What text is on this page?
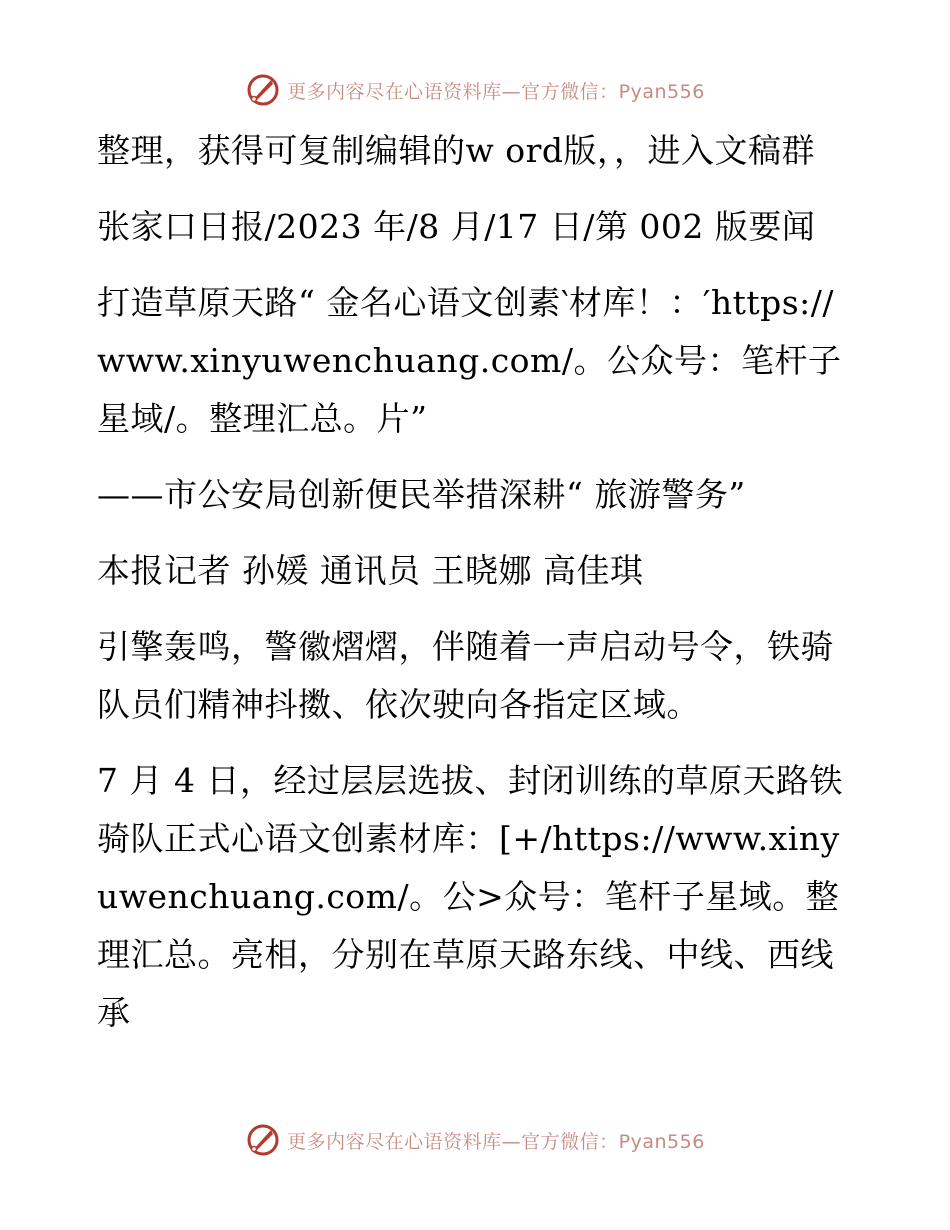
更多内容尽在心语资料库—官方微信：Pyan556

整理，获得可复制编辑的w ord版，，进入文稿群

张家口日报/2023 年/8 月/17 日/第 002 版要闻

打造草原天路“ 金名心语文创素‵材库！：′https://www.xinyuwenchuang.com/。公众号：笔杆子星域/。整理汇总。片”

——市公安局创新便民举措深耕“ 旅游警务”

本报记者 孙媛 通讯员 王晓娜 高佳琪

引擎轰鸣，警徽熠熠，伴随着一声启动号令，铁骑队员们精神抖擞、依次驶向各指定区域。

7 月 4 日，经过层层选拔、封闭训练的草原天路铁骑队正式心语文创素材库：[+/https://www.xinyuwenchuang.com/。公>众号：笔杆子星域。整理汇总。亮相，分别在草原天路东线、中线、西线承

更多内容尽在心语资料库—官方微信：Pyan556
